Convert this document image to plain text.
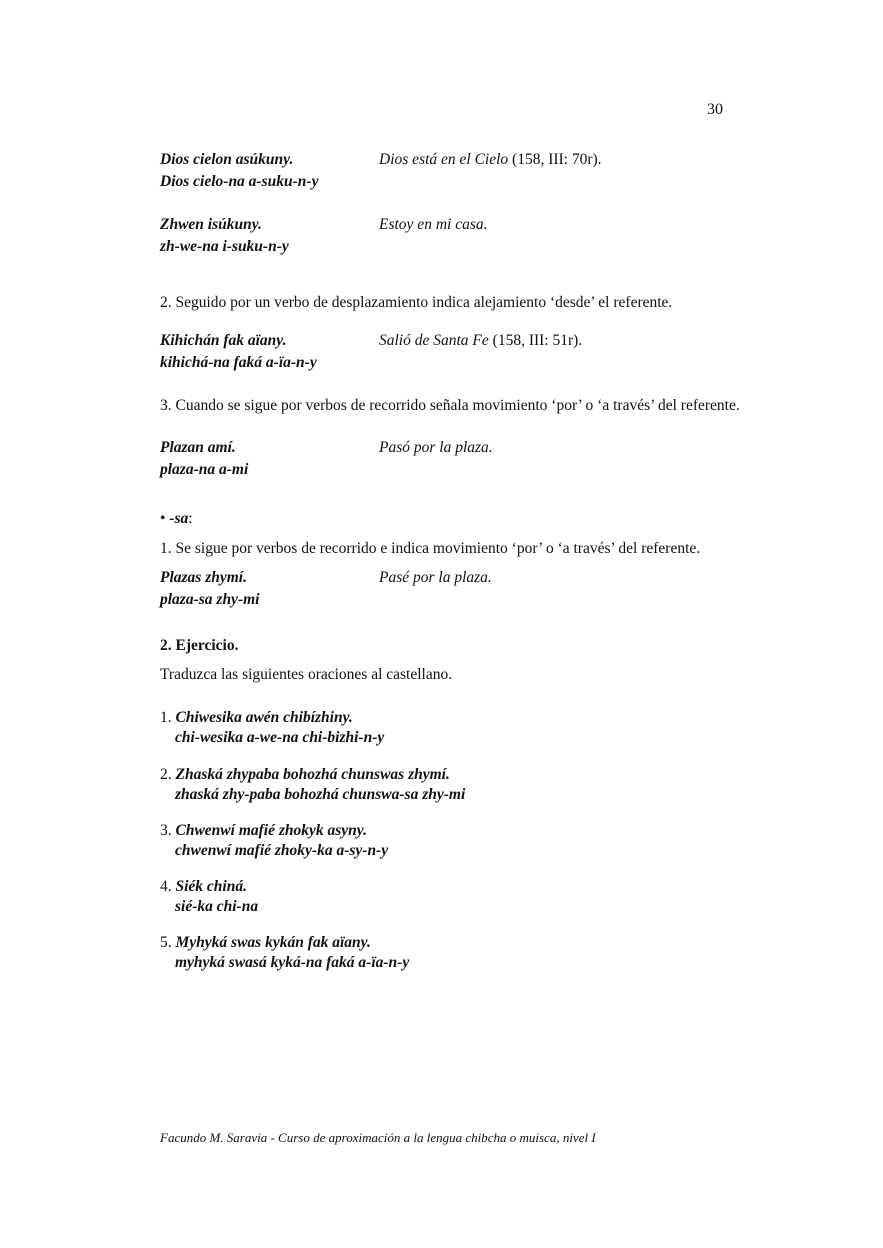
30
Dios cielon asúkuny.
Dios cielo-na a-suku-n-y
Dios está en el Cielo (158, III: 70r).
Zhwen isúkuny.
zh-we-na i-suku-n-y
Estoy en mi casa.
2. Seguido por un verbo de desplazamiento indica alejamiento ‘desde’ el referente.
Kihichán fak aïany.
kihichá-na faká a-ïa-n-y
Salió de Santa Fe (158, III: 51r).
3. Cuando se sigue por verbos de recorrido señala movimiento ‘por’ o ‘a través’ del referente.
Plazan amí.
plaza-na a-mi
Pasó por la plaza.
• -sa:
1. Se sigue por verbos de recorrido e indica movimiento ‘por’ o ‘a través’ del referente.
Plazas zhymí.
plaza-sa zhy-mi
Pasé por la plaza.
2. Ejercicio.
Traduzca las siguientes oraciones al castellano.
1. Chiwesika awén chibízhiny.
chi-wesika a-we-na chi-bizhi-n-y
2. Zhaská zhypaba bohozhá chunswas zhymí.
zhaská zhy-paba bohozhá chunswa-sa zhy-mi
3. Chwenwí mafié zhokyk asyny.
chwenwí mafié zhoky-ka a-sy-n-y
4. Siék chiná.
sié-ka chi-na
5. Myhyká swas kykán fak aïany.
myhyká swasá kyká-na faká a-ïa-n-y
Facundo M. Saravia - Curso de aproximación a la lengua chibcha o muisca, nivel I
